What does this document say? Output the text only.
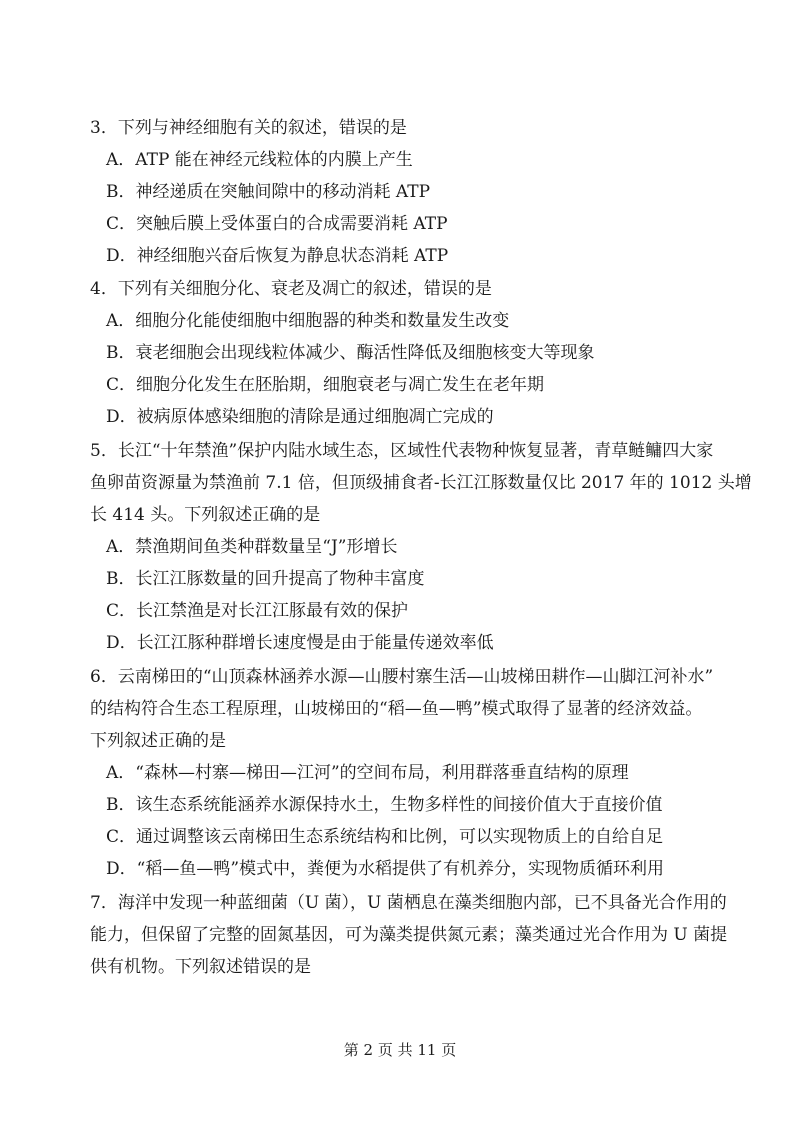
3．下列与神经细胞有关的叙述，错误的是
A．ATP 能在神经元线粒体的内膜上产生
B．神经递质在突触间隙中的移动消耗 ATP
C．突触后膜上受体蛋白的合成需要消耗 ATP
D．神经细胞兴奋后恢复为静息状态消耗 ATP
4．下列有关细胞分化、衰老及凋亡的叙述，错误的是
A．细胞分化能使细胞中细胞器的种类和数量发生改变
B．衰老细胞会出现线粒体减少、酶活性降低及细胞核变大等现象
C．细胞分化发生在胚胎期，细胞衰老与凋亡发生在老年期
D．被病原体感染细胞的清除是通过细胞凋亡完成的
5．长江“十年禁渔”保护内陆水域生态，区域性代表物种恢复显著，青草鲢鳙四大家
鱼卵苗资源量为禁渔前 7.1 倍，但顶级捕食者-长江江豚数量仅比 2017 年的 1012 头增
长 414 头。下列叙述正确的是
A．禁渔期间鱼类种群数量呈“J”形增长
B．长江江豚数量的回升提高了物种丰富度
C．长江禁渔是对长江江豚最有效的保护
D．长江江豚种群增长速度慢是由于能量传递效率低
6．云南梯田的“山顶森林涵养水源—山腰村寨生活—山坡梯田耕作—山脚江河补水”
的结构符合生态工程原理，山坡梯田的“稻—鱼—鸭”模式取得了显著的经济效益。
下列叙述正确的是
A．“森林—村寨—梯田—江河”的空间布局，利用群落垂直结构的原理
B．该生态系统能涵养水源保持水土，生物多样性的间接价值大于直接价值
C．通过调整该云南梯田生态系统结构和比例，可以实现物质上的自给自足
D．“稻—鱼—鸭”模式中，粪便为水稻提供了有机养分，实现物质循环利用
7．海洋中发现一种蓝细菌（U 菌），U 菌栖息在藻类细胞内部，已不具备光合作用的
能力，但保留了完整的固氮基因，可为藻类提供氮元素；藻类通过光合作用为 U 菌提
供有机物。下列叙述错误的是
第 2 页 共 11 页
